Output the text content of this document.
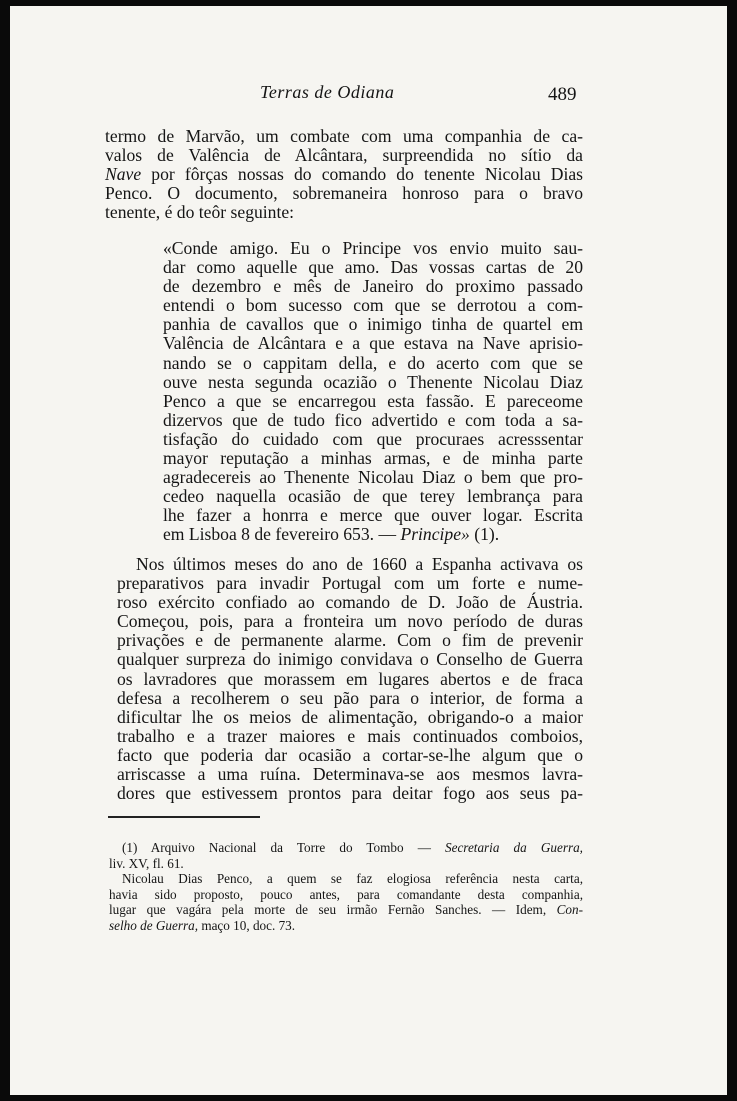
Terras de Odiana	489
termo de Marvão, um combate com uma companhia de ca-
valos de Valência de Alcântara, surpreendida no sítio da
Nave por fôrças nossas do comando do tenente Nicolau Dias
Penco. O documento, sobremaneira honroso para o bravo
tenente, é do teôr seguinte:
«Conde amigo. Eu o Principe vos envio muito sau-
dar como aquelle que amo. Das vossas cartas de 20
de dezembro e mês de Janeiro do proximo passado
entendi o bom sucesso com que se derrotou a com-
panhia de cavallos que o inimigo tinha de quartel em
Valência de Alcântara e a que estava na Nave aprisio-
nando se o cappitam della, e do acerto com que se
ouve nesta segunda ocazião o Thenente Nicolau Diaz
Penco a que se encarregou esta fassão. E pareceome
dizervos que de tudo fico advertido e com toda a sa-
tisfação do cuidado com que procuraes acresssentar
mayor reputação a minhas armas, e de minha parte
agradecereis ao Thenente Nicolau Diaz o bem que pro-
cedeo naquella ocasião de que terey lembrança para
lhe fazer a honrra e merce que ouver logar. Escrita
em Lisboa 8 de fevereiro 653. — Principe» (1).
Nos últimos meses do ano de 1660 a Espanha activava os
preparativos para invadir Portugal com um forte e nume-
roso exército confiado ao comando de D. João de Áustria.
Começou, pois, para a fronteira um novo período de duras
privações e de permanente alarme. Com o fim de prevenir
qualquer surpreza do inimigo convidava o Conselho de Guerra
os lavradores que morassem em lugares abertos e de fraca
defesa a recolherem o seu pão para o interior, de forma a
dificultar lhe os meios de alimentação, obrigando-o a maior
trabalho e a trazer maiores e mais continuados comboios,
facto que poderia dar ocasião a cortar-se-lhe algum que o
arriscasse a uma ruína. Determinava-se aos mesmos lavra-
dores que estivessem prontos para deitar fogo aos seus pa-
(1) Arquivo Nacional da Torre do Tombo — Secretaria da Guerra,
liv. XV, fl. 61.
Nicolau Dias Penco, a quem se faz elogiosa referência nesta carta,
havia sido proposto, pouco antes, para comandante desta companhia,
lugar que vagára pela morte de seu irmão Fernão Sanches. — Idem, Con-
selho de Guerra, maço 10, doc. 73.
